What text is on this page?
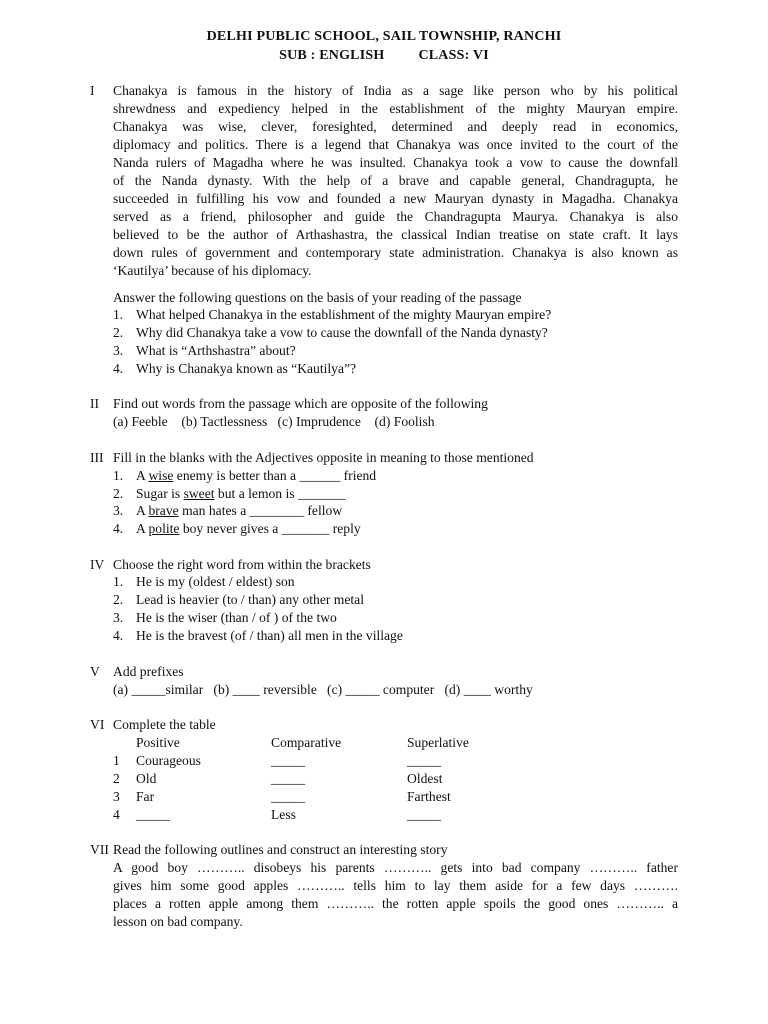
DELHI PUBLIC SCHOOL, SAIL TOWNSHIP, RANCHI
SUB : ENGLISH CLASS: VI
I Chanakya is famous in the history of India as a sage like person who by his political
shrewdness and expediency helped in the establishment of the mighty Mauryan empire.
Chanakya was wise, clever, foresighted, determined and deeply read in economics,
diplomacy and politics. There is a legend that Chanakya was once invited to the court of the
Nanda rulers of Magadha where he was insulted. Chanakya took a vow to cause the downfall
of the Nanda dynasty. With the help of a brave and capable general, Chandragupta, he
succeeded in fulfilling his vow and founded a new Mauryan dynasty in Magadha. Chanakya
served as a friend, philosopher and guide the Chandragupta Maurya. Chanakya is also
believed to be the author of Arthashastra, the classical Indian treatise on state craft. It lays
down rules of government and contemporary state administration. Chanakya is also known as
‘Kautilya’ because of his diplomacy.
Answer the following questions on the basis of your reading of the passage
1. What helped Chanakya in the establishment of the mighty Mauryan empire?
2. Why did Chanakya take a vow to cause the downfall of the Nanda dynasty?
3. What is “Arthshastra” about?
4. Why is Chanakya known as “Kautilya”?
II Find out words from the passage which are opposite of the following
(a) Feeble    (b) Tactlessness   (c) Imprudence    (d) Foolish
III Fill in the blanks with the Adjectives opposite in meaning to those mentioned
1. A wise enemy is better than a ______ friend
2. Sugar is sweet but a lemon is _______
3. A brave man hates a ________ fellow
4. A polite boy never gives a _______ reply
IV Choose the right word from within the brackets
1. He is my (oldest / eldest) son
2. Lead is heavier (to / than) any other metal
3. He is the wiser (than / of ) of the two
4. He is the bravest (of / than) all men in the village
V Add prefixes
(a) _____similar   (b) ____ reversible   (c) _____ computer   (d) ____ worthy
VI Complete the table
Positive	Comparative	Superlative
1 Courageous	_____	_____
2 Old	_____	Oldest
3 Far	_____	Farthest
4 _____	Less	_____
VII Read the following outlines and construct an interesting story
A good boy ……….. disobeys his parents ……….. gets into bad company ……….. father
gives him some good apples ……….. tells him to lay them aside for a few days ……….
places a rotten apple among them ……….. the rotten apple spoils the good ones ……….. a
lesson on bad company.
